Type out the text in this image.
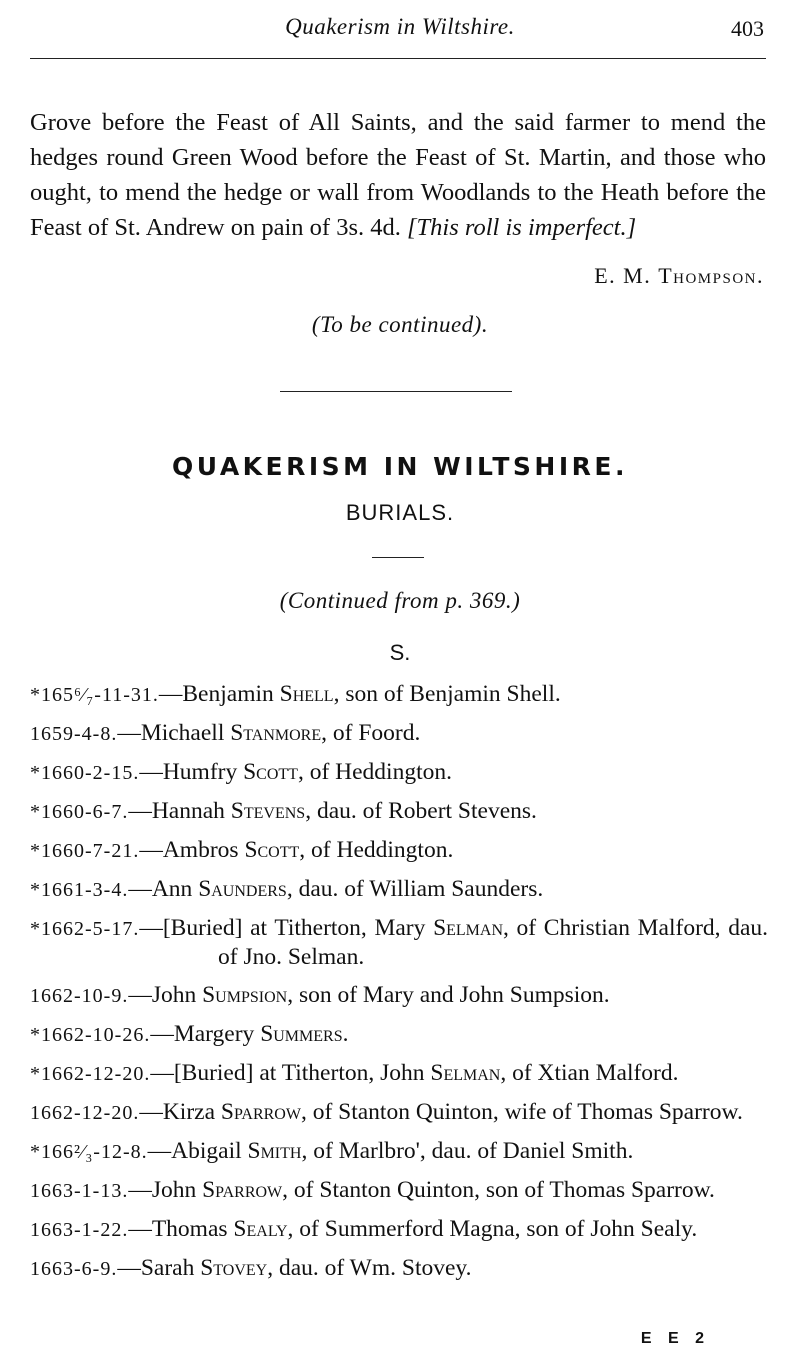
Quakerism in Wiltshire.	403

Grove before the Feast of All Saints, and the said farmer to mend the hedges round Green Wood before the Feast of St. Martin, and those who ought, to mend the hedge or wall from Woodlands to the Heath before the Feast of St. Andrew on pain of 3s. 4d. [This roll is imperfect.]

E. M. Thompson.
(To be continued).
QUAKERISM IN WILTSHIRE.
BURIALS.
(Continued from p. 369.)
S.
*165⁶⁄₇-11-31.—Benjamin Shell, son of Benjamin Shell.
1659-4-8.—Michaell Stanmore, of Foord.
*1660-2-15.—Humfry Scott, of Heddington.
*1660-6-7.—Hannah Stevens, dau. of Robert Stevens.
*1660-7-21.—Ambros Scott, of Heddington.
*1661-3-4.—Ann Saunders, dau. of William Saunders.
*1662-5-17.—[Buried] at Titherton, Mary Selman, of Christian Malford, dau. of Jno. Selman.
1662-10-9.—John Sumpsion, son of Mary and John Sumpsion.
*1662-10-26.—Margery Summers.
*1662-12-20.—[Buried] at Titherton, John Selman, of Xtian Malford.
1662-12-20.—Kirza Sparrow, of Stanton Quinton, wife of Thomas Sparrow.
*166²⁄₃-12-8.—Abigail Smith, of Marlbro', dau. of Daniel Smith.
1663-1-13.—John Sparrow, of Stanton Quinton, son of Thomas Sparrow.
1663-1-22.—Thomas Sealy, of Summerford Magna, son of John Sealy.
1663-6-9.—Sarah Stovey, dau. of Wm. Stovey.
E E 2
